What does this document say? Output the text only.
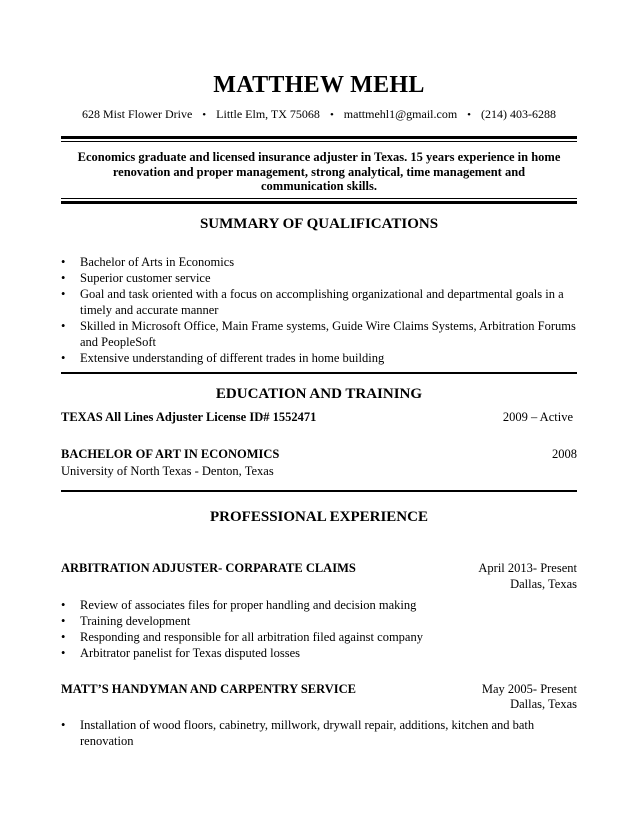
MATTHEW MEHL
628 Mist Flower Drive • Little Elm, TX 75068 • mattmehl1@gmail.com • (214) 403-6288
Economics graduate and licensed insurance adjuster in Texas. 15 years experience in home
renovation and proper management, strong analytical, time management and
communication skills.
SUMMARY OF QUALIFICATIONS
• Bachelor of Arts in Economics
• Superior customer service
• Goal and task oriented with a focus on accomplishing organizational and departmental goals in a timely and accurate manner
• Skilled in Microsoft Office, Main Frame systems, Guide Wire Claims Systems, Arbitration Forums and PeopleSoft
• Extensive understanding of different trades in home building
EDUCATION AND TRAINING
TEXAS All Lines Adjuster License ID# 1552471	2009 – Active
BACHELOR OF ART IN ECONOMICS	2008
University of North Texas - Denton, Texas
PROFESSIONAL EXPERIENCE
ARBITRATION ADJUSTER- CORPARATE CLAIMS	April 2013- Present
Dallas, Texas
• Review of associates files for proper handling and decision making
• Training development
• Responding and responsible for all arbitration filed against company
• Arbitrator panelist for Texas disputed losses
MATT’S HANDYMAN AND CARPENTRY SERVICE	May 2005- Present
Dallas, Texas
• Installation of wood floors, cabinetry, millwork, drywall repair, additions, kitchen and bath renovation
